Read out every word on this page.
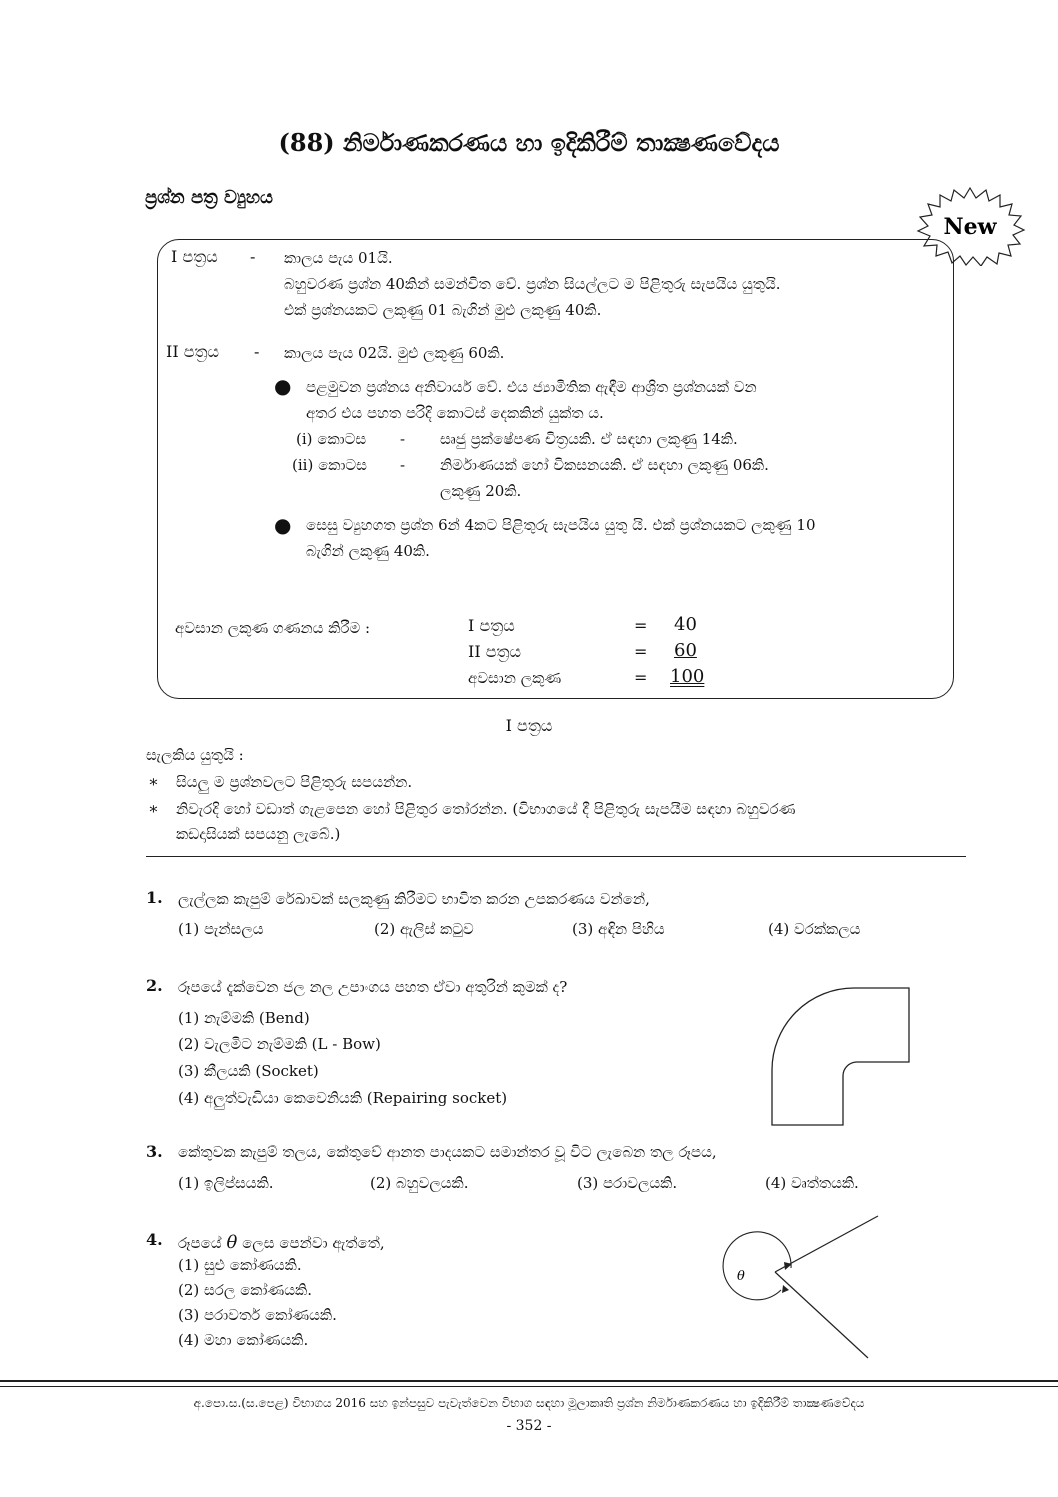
(88) නිර්මාණකරණය හා ඉදිකිරීම් තාක්‍ෂණවේදය
ප්‍රශ්න පත්‍ර ව්‍යුහය
New
I පත්‍රය - කාලය පැය 01යි.
බහුවරණ ප්‍රශ්න 40කින් සමන්විත වේ. ප්‍රශ්න සියල්ලට ම පිළිතුරු සැපයිය යුතුයි.
එක් ප්‍රශ්නයකට ලකුණු 01 බැගින් මුළු ලකුණු 40කි.
II පත්‍රය - කාලය පැය 02යි. මුළු ලකුණු 60කි.
● පළමුවන ප්‍රශ්නය අනිවාර්ය වේ. එය ජ්‍යාමිතික ඇඳීම ආශ්‍රිත ප්‍රශ්නයක් වන
අතර එය පහත පරිදි කොටස් දෙකකින් යුක්ත ය.
(i) කොටස - සෘජු ප්‍රක්ෂේපණ චිත්‍රයකි. ඒ සඳහා ලකුණු 14කි.
(ii) කොටස - නිර්මාණයක් හෝ විකසනයකි. ඒ සඳහා ලකුණු 06කි.
ලකුණු 20කි.
● සෙසු ව්‍යුහගත ප්‍රශ්න 6න් 4කට පිළිතුරු සැපයිය යුතු යි. එක් ප්‍රශ්නයකට ලකුණු 10
බැගින් ලකුණු 40කි.
අවසාන ලකුණ ගණනය කිරීම :	I පත්‍රය	= 40
II පත්‍රය	=	60
අවසාන ලකුණ	= 100
I පත්‍රය
සැලකිය යුතුයි :
∗ සියලු ම ප්‍රශ්නවලට පිළිතුරු සපයන්න.
∗ නිවැරදි හෝ වඩාත් ගැළපෙන හෝ පිළිතුර තෝරන්න. (විභාගයේ දී පිළිතුරු සැපයීම සඳහා බහුවරණ
කඩදාසියක් සපයනු ලැබේ.)
1. ලැල්ලක කැපුම් රේඛාවක් සලකුණු කිරීමට භාවිත කරන උපකරණය වන්නේ,
(1) පැන්සලය	(2) ඇලිස් කටුව	(3) අඳින පිහිය	(4) වරක්කලය
2. රූපයේ දැක්වෙන ජල නල උපාංගය පහත ඒවා අතුරින් කුමක් ද?
(1) නැම්මකි (Bend)
(2) වැලමිට නැම්මකි (L - Bow)
(3) කීලයකි (Socket)
(4) අලුත්වැඩියා කෙවෙනියකි (Repairing socket)
3. කේතුවක කැපුම් තලය, කේතුවේ ආනත පාදයකට සමාන්තර වූ විට ලැබෙන තල රූපය,
(1) ඉලිප්සයකි.	(2) බහුවලයකි.	(3) පරාවලයකි.	(4) වෘත්තයකි.
4. රූපයේ θ ලෙස පෙන්වා ඇත්තේ,
(1) සුළු කෝණයකි.
(2) සරල කෝණයකි.
(3) පරාවර්ත කෝණයකි.
(4) මහා කෝණයකි.
θ
අ.පො.ස.(ස.පෙළ) විභාගය 2016 සහ ඉන්පසුව පැවැත්වෙන විභාග සඳහා මූලාකෘති ප්‍රශ්න නිර්මාණකරණය හා ඉදිකිරීම් තාක්‍ෂණවේදය
- 352 -
